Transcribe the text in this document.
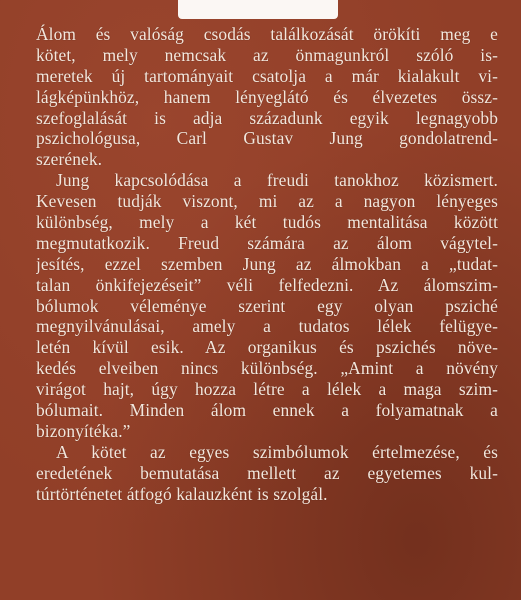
Álom és valóság csodás találkozását örökíti meg e
kötet, mely nemcsak az önmagunkról szóló is-
meretek új tartományait csatolja a már kialakult vi-
lágképünkhöz, hanem lényeglátó és élvezetes össz-
szefoglalását is adja századunk egyik legnagyobb
pszichológusa, Carl Gustav Jung gondolatrend-
szerének.
Jung kapcsolódása a freudi tanokhoz közismert.
Kevesen tudják viszont, mi az a nagyon lényeges
különbség, mely a két tudós mentalitása között
megmutatkozik. Freud számára az álom vágytel-
jesítés, ezzel szemben Jung az álmokban a „tudat-
talan önkifejezéseit” véli felfedezni. Az álomszim-
bólumok véleménye szerint egy olyan psziché
megnyilvánulásai, amely a tudatos lélek felügye-
letén kívül esik. Az organikus és pszichés növe-
kedés elveiben nincs különbség. „Amint a növény
virágot hajt, úgy hozza létre a lélek a maga szim-
bólumait. Minden álom ennek a folyamatnak a
bizonyítéka.”
A kötet az egyes szimbólumok értelmezése, és
eredetének bemutatása mellett az egyetemes kul-
túrtörténetet átfogó kalauzként is szolgál.
